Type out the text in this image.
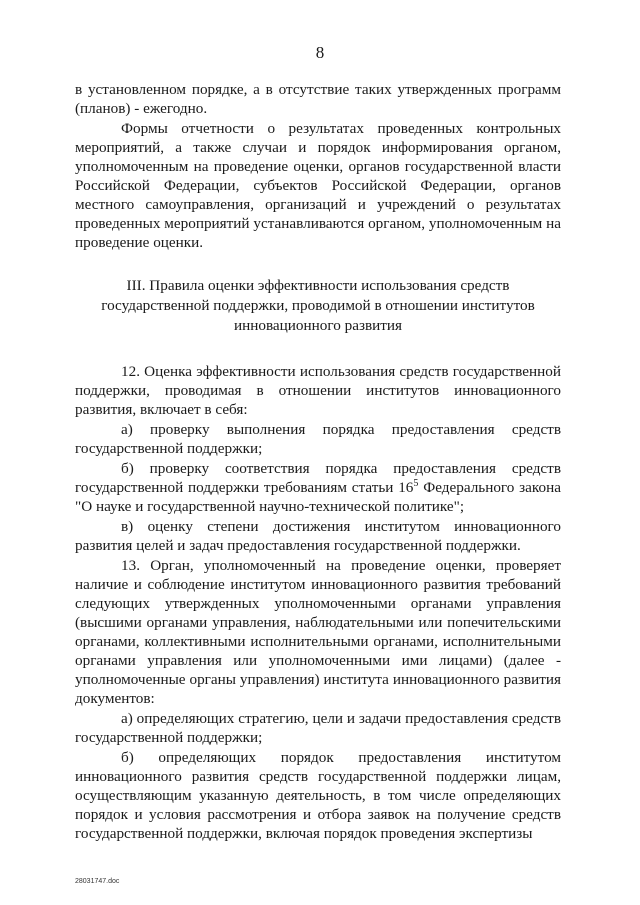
8

в установленном порядке, а в отсутствие таких утвержденных программ (планов) - ежегодно.

Формы отчетности о результатах проведенных контрольных мероприятий, а также случаи и порядок информирования органом, уполномоченным на проведение оценки, органов государственной власти Российской Федерации, субъектов Российской Федерации, органов местного самоуправления, организаций и учреждений о результатах проведенных мероприятий устанавливаются органом, уполномоченным на проведение оценки.

III. Правила оценки эффективности использования средств
государственной поддержки, проводимой в отношении институтов
инновационного развития

12. Оценка эффективности использования средств государственной поддержки, проводимая в отношении институтов инновационного развития, включает в себя:

а) проверку выполнения порядка предоставления средств государственной поддержки;

б) проверку соответствия порядка предоставления средств государственной поддержки требованиям статьи $16^5$ Федерального закона "О науке и государственной научно-технической политике";

в) оценку степени достижения институтом инновационного развития целей и задач предоставления государственной поддержки.

13. Орган, уполномоченный на проведение оценки, проверяет наличие и соблюдение институтом инновационного развития требований следующих утвержденных уполномоченными органами управления (высшими органами управления, наблюдательными или попечительскими органами, коллективными исполнительными органами, исполнительными органами управления или уполномоченными ими лицами) (далее - уполномоченные органы управления) института инновационного развития документов:

а) определяющих стратегию, цели и задачи предоставления средств государственной поддержки;

б) определяющих порядок предоставления институтом инновационного развития средств государственной поддержки лицам, осуществляющим указанную деятельность, в том числе определяющих порядок и условия рассмотрения и отбора заявок на получение средств государственной поддержки, включая порядок проведения экспертизы

28031747.doc
